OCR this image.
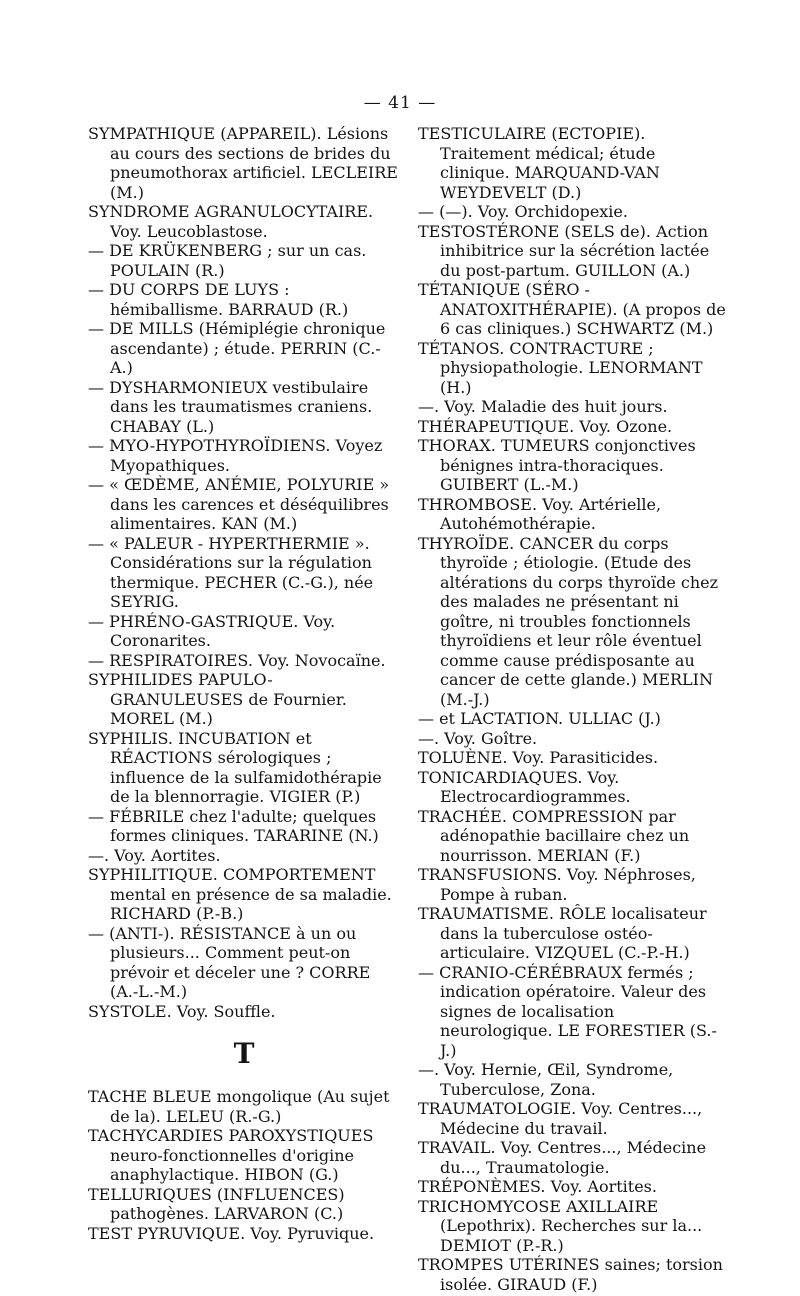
— 41 —

SYMPATHIQUE (APPAREIL). Lésions au cours des sections de brides du pneumothorax artificiel. LECLEIRE (M.)

SYNDROME AGRANULOCYTAIRE. Voy. Leucoblastose.

— DE KRÜKENBERG ; sur un cas. POULAIN (R.)

— DU CORPS DE LUYS : hémiballisme. BARRAUD (R.)

— DE MILLS (Hémiplégie chronique ascendante) ; étude. PERRIN (C.-A.)

— DYSHARMONIEUX vestibulaire dans les traumatismes craniens. CHABAY (L.)

— MYO-HYPOTHYROÏDIENS. Voyez Myopathiques.

— « ŒDÈME, ANÉMIE, POLYURIE » dans les carences et déséquilibres alimentaires. KAN (M.)

— « PALEUR - HYPERTHERMIE ». Considérations sur la régulation thermique. PECHER (C.-G.), née SEYRIG.

— PHRÉNO-GASTRIQUE. Voy. Coronarites.

— RESPIRATOIRES. Voy. Novocaïne.

SYPHILIDES PAPULO-GRANULEUSES de Fournier. MOREL (M.)

SYPHILIS. INCUBATION et RÉACTIONS sérologiques ; influence de la sulfamidothérapie de la blennorragie. VIGIER (P.)

— FÉBRILE chez l'adulte; quelques formes cliniques. TARARINE (N.)

—. Voy. Aortites.

SYPHILITIQUE. COMPORTEMENT mental en présence de sa maladie. RICHARD (P.-B.)

— (ANTI-). RÉSISTANCE à un ou plusieurs... Comment peut-on prévoir et déceler une ? CORRE (A.-L.-M.)

SYSTOLE. Voy. Souffle.

T

TACHE BLEUE mongolique (Au sujet de la). LELEU (R.-G.)

TACHYCARDIES PAROXYSTIQUES neuro-fonctionnelles d'origine anaphylactique. HIBON (G.)

TELLURIQUES (INFLUENCES) pathogènes. LARVARON (C.)

TEST PYRUVIQUE. Voy. Pyruvique.

TESTICULAIRE (ECTOPIE). Traitement médical; étude clinique. MARQUAND-VAN WEYDEVELT (D.)

— (—). Voy. Orchidopexie.

TESTOSTÉRONE (SELS de). Action inhibitrice sur la sécrétion lactée du post-partum. GUILLON (A.)

TÉTANIQUE (SÉRO - ANATOXITHÉRAPIE). (A propos de 6 cas cliniques.) SCHWARTZ (M.)

TÉTANOS. CONTRACTURE ; physiopathologie. LENORMANT (H.)

—. Voy. Maladie des huit jours.

THÉRAPEUTIQUE. Voy. Ozone.

THORAX. TUMEURS conjonctives bénignes intra-thoraciques. GUIBERT (L.-M.)

THROMBOSE. Voy. Artérielle, Autohémothérapie.

THYROÏDE. CANCER du corps thyroïde ; étiologie. (Etude des altérations du corps thyroïde chez des malades ne présentant ni goître, ni troubles fonctionnels thyroïdiens et leur rôle éventuel comme cause prédisposante au cancer de cette glande.) MERLIN (M.-J.)

— et LACTATION. ULLIAC (J.)

—. Voy. Goître.

TOLUÈNE. Voy. Parasiticides.

TONICARDIAQUES. Voy. Electrocardiogrammes.

TRACHÉE. COMPRESSION par adénopathie bacillaire chez un nourrisson. MERIAN (F.)

TRANSFUSIONS. Voy. Néphroses, Pompe à ruban.

TRAUMATISME. RÔLE localisateur dans la tuberculose ostéo-articulaire. VIZQUEL (C.-P.-H.)

— CRANIO-CÉRÉBRAUX fermés ; indication opératoire. Valeur des signes de localisation neurologique. LE FORESTIER (S.-J.)

—. Voy. Hernie, Œil, Syndrome, Tuberculose, Zona.

TRAUMATOLOGIE. Voy. Centres..., Médecine du travail.

TRAVAIL. Voy. Centres..., Médecine du..., Traumatologie.

TRÉPONÈMES. Voy. Aortites.

TRICHOMYCOSE AXILLAIRE (Lepothrix). Recherches sur la... DEMIOT (P.-R.)

TROMPES UTÉRINES saines; torsion isolée. GIRAUD (F.)
